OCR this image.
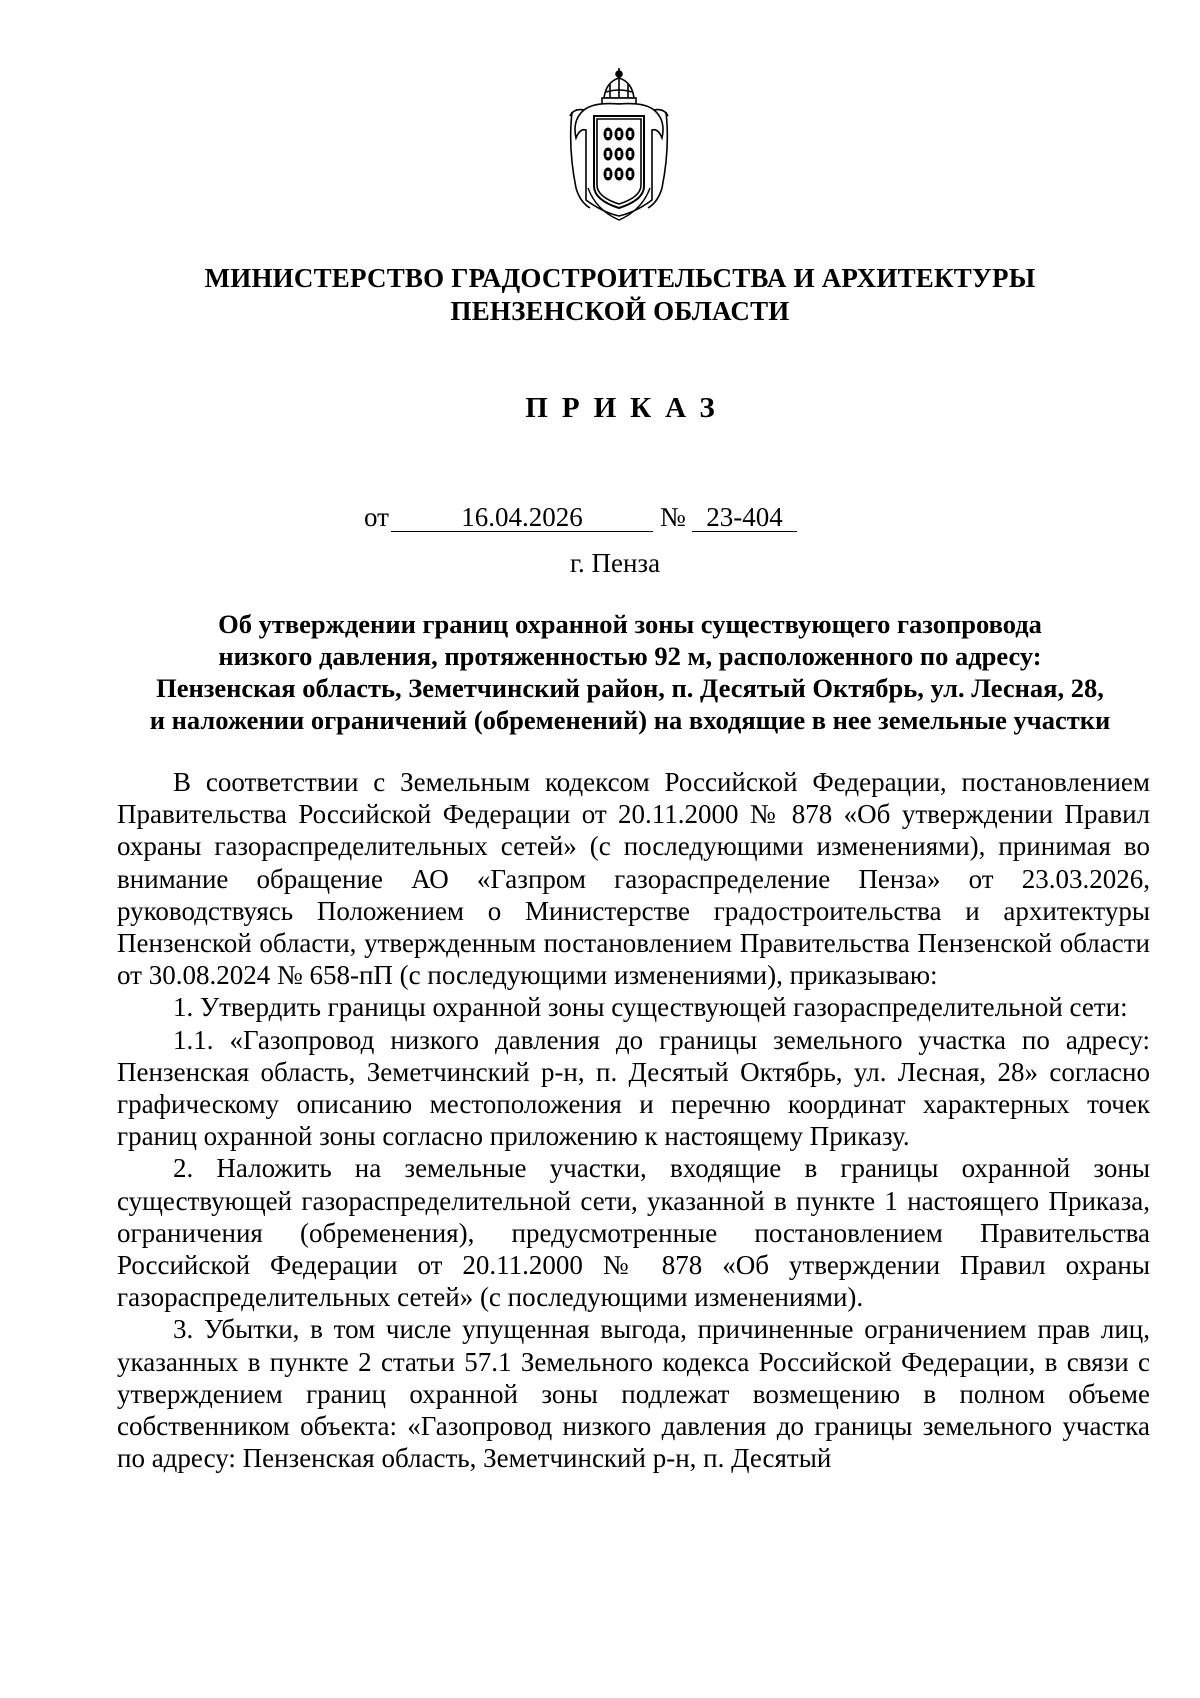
МИНИСТЕРСТВО ГРАДОСТРОИТЕЛЬСТВА И АРХИТЕКТУРЫ
ПЕНЗЕНСКОЙ ОБЛАСТИ
ПРИКАЗ
от	16.04.2026	№ 23-404
г. Пенза
Об утверждении границ охранной зоны существующего газопровода
низкого давления, протяженностью 92 м, расположенного по адресу:
Пензенская область, Земетчинский район, п. Десятый Октябрь, ул. Лесная, 28,
и наложении ограничений (обременений) на входящие в нее земельные участки

В соответствии с Земельным кодексом Российской Федерации, постановлением Правительства Российской Федерации от 20.11.2000 № 878 «Об утверждении Правил охраны газораспределительных сетей» (с последующими изменениями), принимая во внимание обращение АО «Газпром газораспределение Пенза» от 23.03.2026, руководствуясь Положением о Министерстве градостроительства и архитектуры Пензенской области, утвержденным постановлением Правительства Пензенской области от 30.08.2024 № 658-пП (с последующими изменениями), приказываю:

1. Утвердить границы охранной зоны существующей газораспределительной сети:

1.1. «Газопровод низкого давления до границы земельного участка по адресу: Пензенская область, Земетчинский р-н, п. Десятый Октябрь, ул. Лесная, 28» согласно графическому описанию местоположения и перечню координат характерных точек границ охранной зоны согласно приложению к настоящему Приказу.

2. Наложить на земельные участки, входящие в границы охранной зоны существующей газораспределительной сети, указанной в пункте 1 настоящего Приказа, ограничения (обременения), предусмотренные постановлением Правительства Российской Федерации от 20.11.2000 № 878 «Об утверждении Правил охраны газораспределительных сетей» (с последующими изменениями).

3. Убытки, в том числе упущенная выгода, причиненные ограничением прав лиц, указанных в пункте 2 статьи 57.1 Земельного кодекса Российской Федерации, в связи с утверждением границ охранной зоны подлежат возмещению в полном объеме собственником объекта: «Газопровод низкого давления до границы земельного участка по адресу: Пензенская область, Земетчинский р-н, п. Десятый
